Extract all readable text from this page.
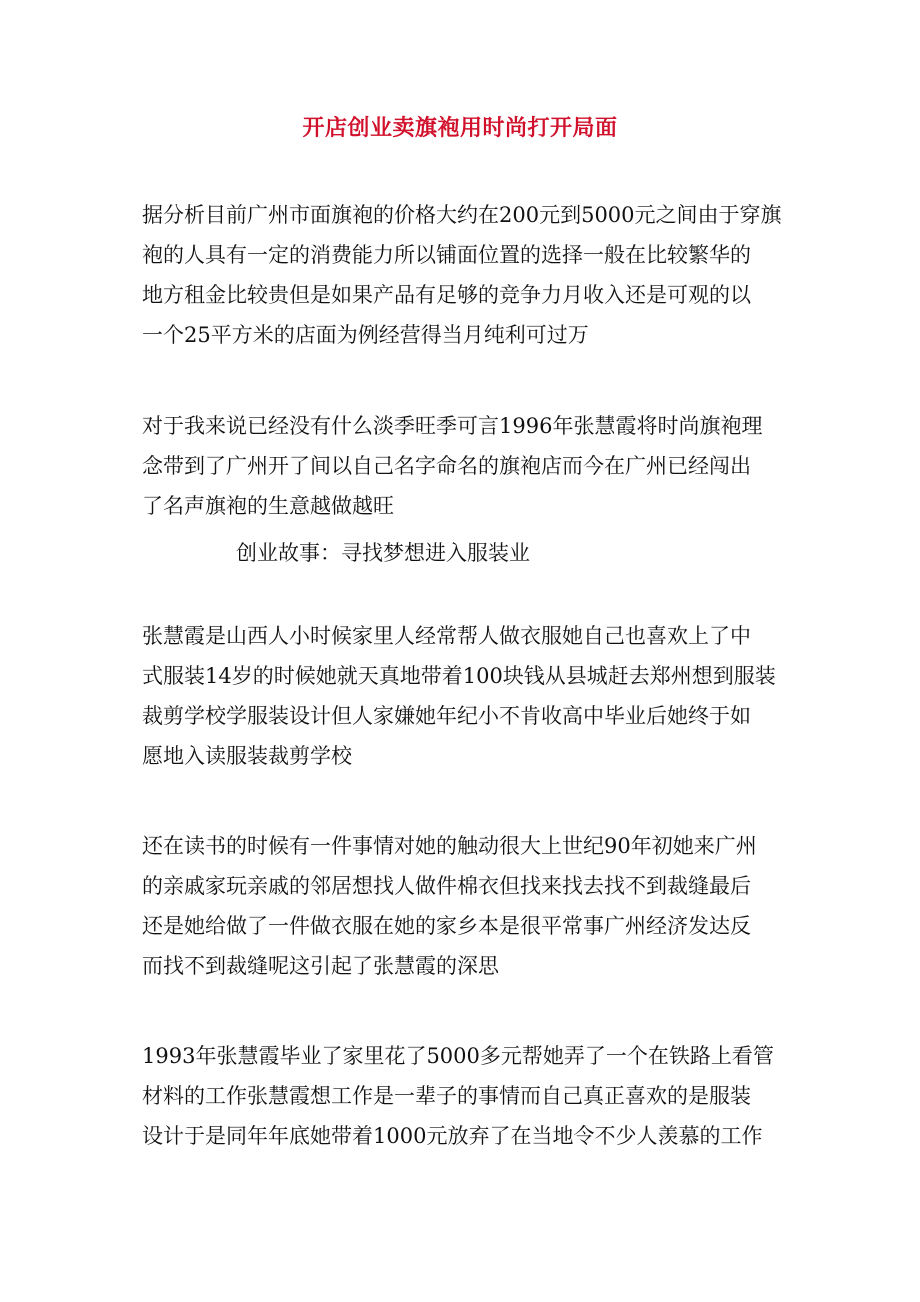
开店创业卖旗袍用时尚打开局面
据分析目前广州市面旗袍的价格大约在200元到5000元之间由于穿旗
袍的人具有一定的消费能力所以铺面位置的选择一般在比较繁华的
地方租金比较贵但是如果产品有足够的竞争力月收入还是可观的以
一个25平方米的店面为例经营得当月纯利可过万
对于我来说已经没有什么淡季旺季可言1996年张慧霞将时尚旗袍理
念带到了广州开了间以自己名字命名的旗袍店而今在广州已经闯出
了名声旗袍的生意越做越旺
创业故事：寻找梦想进入服装业
张慧霞是山西人小时候家里人经常帮人做衣服她自己也喜欢上了中
式服装14岁的时候她就天真地带着100块钱从县城赶去郑州想到服装
裁剪学校学服装设计但人家嫌她年纪小不肯收高中毕业后她终于如
愿地入读服装裁剪学校
还在读书的时候有一件事情对她的触动很大上世纪90年初她来广州
的亲戚家玩亲戚的邻居想找人做件棉衣但找来找去找不到裁缝最后
还是她给做了一件做衣服在她的家乡本是很平常事广州经济发达反
而找不到裁缝呢这引起了张慧霞的深思
1993年张慧霞毕业了家里花了5000多元帮她弄了一个在铁路上看管
材料的工作张慧霞想工作是一辈子的事情而自己真正喜欢的是服装
设计于是同年年底她带着1000元放弃了在当地令不少人羡慕的工作
